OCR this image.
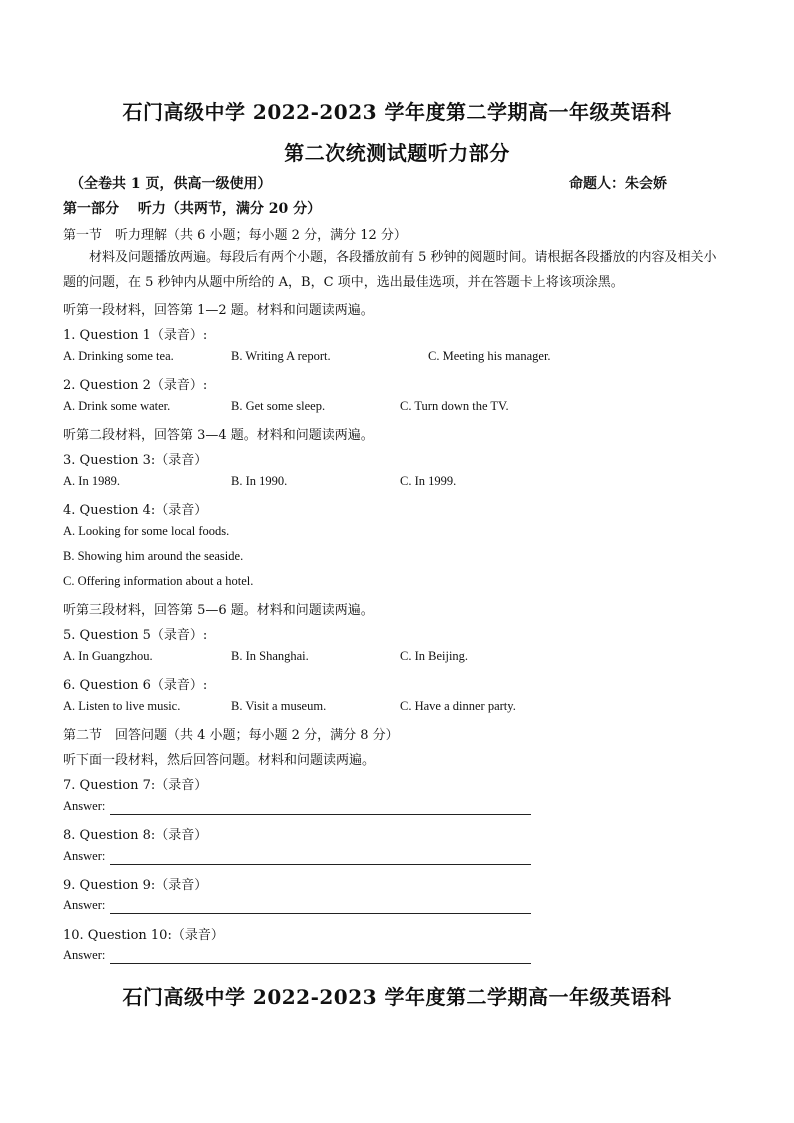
石门高级中学 2022-2023 学年度第二学期高一年级英语科
第二次统测试题听力部分
（全卷共 1 页，供高一级使用）	命题人：朱会娇
第一部分　 听力（共两节，满分 20 分）
第一节　听力理解（共 6 小题；每小题 2 分，满分 12 分）
材料及问题播放两遍。每段后有两个小题，各段播放前有 5 秒钟的阅题时间。请根据各段播放的内容及相关小题的问题，在 5 秒钟内从题中所给的 A，B，C 项中，选出最佳选项，并在答题卡上将该项涂黑。
听第一段材料，回答第 1—2 题。材料和问题读两遍。
1. Question 1（录音）:
A. Drinking some tea.	B. Writing A report.	C. Meeting his manager.
2. Question 2（录音）:
A. Drink some water.	B. Get some sleep.	C. Turn down the TV.
听第二段材料，回答第 3—4 题。材料和问题读两遍。
3. Question 3:（录音）
A. In 1989.	B. In 1990.	C. In 1999.
4. Question 4:（录音）
A. Looking for some local foods.
B. Showing him around the seaside.
C. Offering information about a hotel.
听第三段材料，回答第 5—6 题。材料和问题读两遍。
5. Question 5（录音）:
A. In Guangzhou.	B. In Shanghai.	C. In Beijing.
6. Question 6（录音）:
A. Listen to live music.	B. Visit a museum.	C. Have a dinner party.
第二节　回答问题（共 4 小题；每小题 2 分，满分 8 分）
听下面一段材料，然后回答问题。材料和问题读两遍。
7. Question 7:（录音）
Answer:
8. Question 8:（录音）
Answer:
9. Question 9:（录音）
Answer:
10. Question 10:（录音）
Answer:
石门高级中学 2022-2023 学年度第二学期高一年级英语科
